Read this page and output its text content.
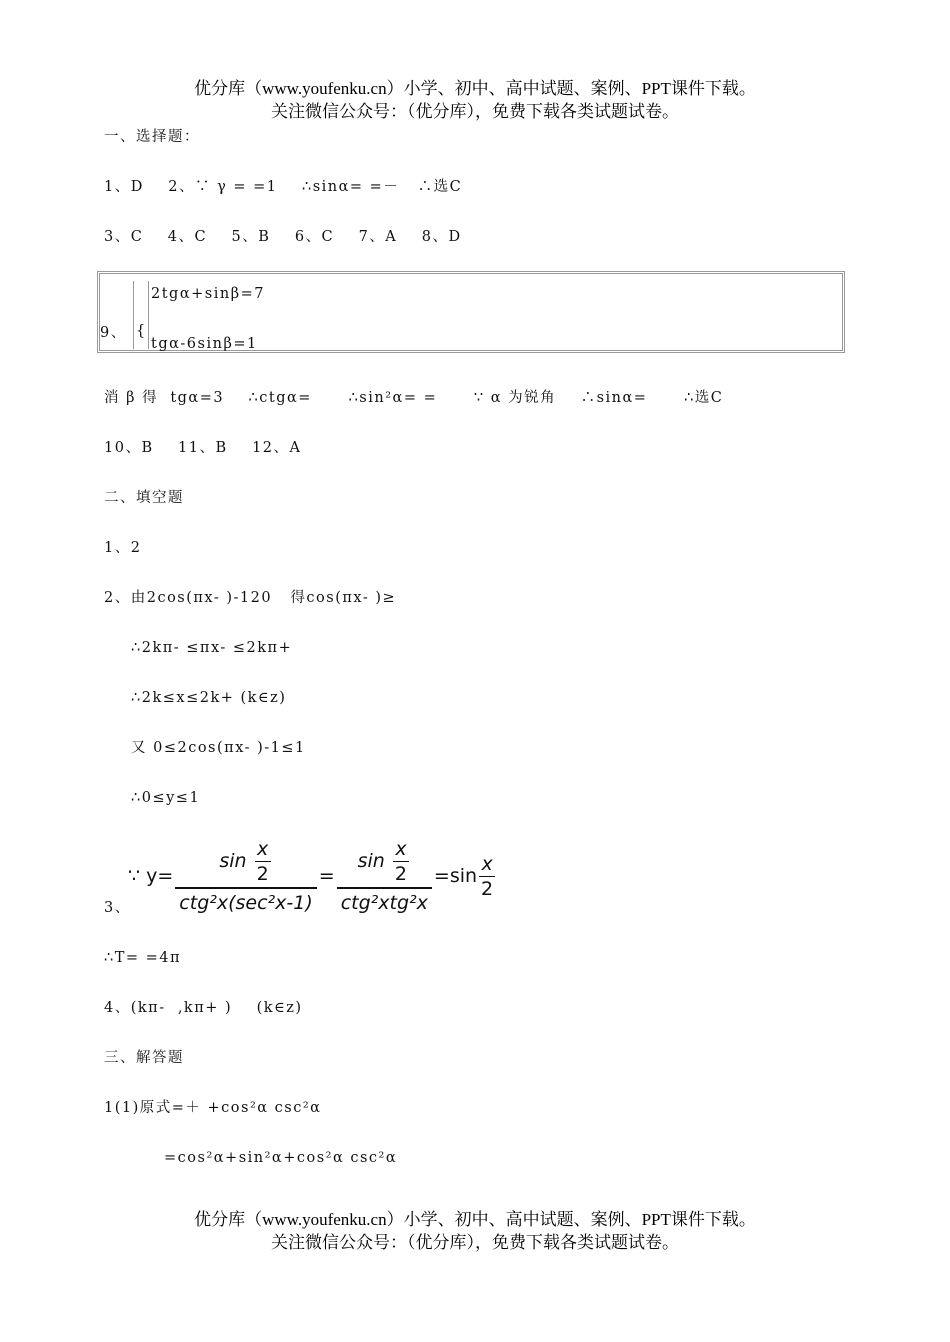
优分库（www.youfenku.cn）小学、初中、高中试题、案例、PPT课件下载。
关注微信公众号：（优分库），免费下载各类试题试卷。
一、选择题：
1、D    2、∵ γ = =1    ∴sinα= =－   ∴选C
3、C    4、C    5、B    6、C    7、A    8、D
9、 {
2tgα+sinβ=7
tgα-6sinβ=1
消 β 得  tgα=3    ∴ctgα=      ∴sin²α= =      ∵ α 为锐角    ∴sinα=      ∴选C
10、B    11、B    12、A
二、填空题
1、2
2、由2cos(πx- )-120   得cos(πx- )≥
∴2kπ- ≤πx- ≤2kπ+
∴2k≤x≤2k+ (k∈z)
又 0≤2cos(πx- )-1≤1
∴0≤y≤1
3、
∵ $y= \frac{\sin \frac{x}{2}}{\text{ctg²x(sec²x-1)}} = \frac{\sin \frac{x}{2}}{\text{ctg²xtg²x}} =\sin \frac{x}{2}$
∴T= =4π
4、(kπ-  ,kπ+ )    (k∈z)
三、解答题
1(1)原式=＋ +cos²α csc²α
=cos²α+sin²α+cos²α csc²α
优分库（www.youfenku.cn）小学、初中、高中试题、案例、PPT课件下载。
关注微信公众号：（优分库），免费下载各类试题试卷。
